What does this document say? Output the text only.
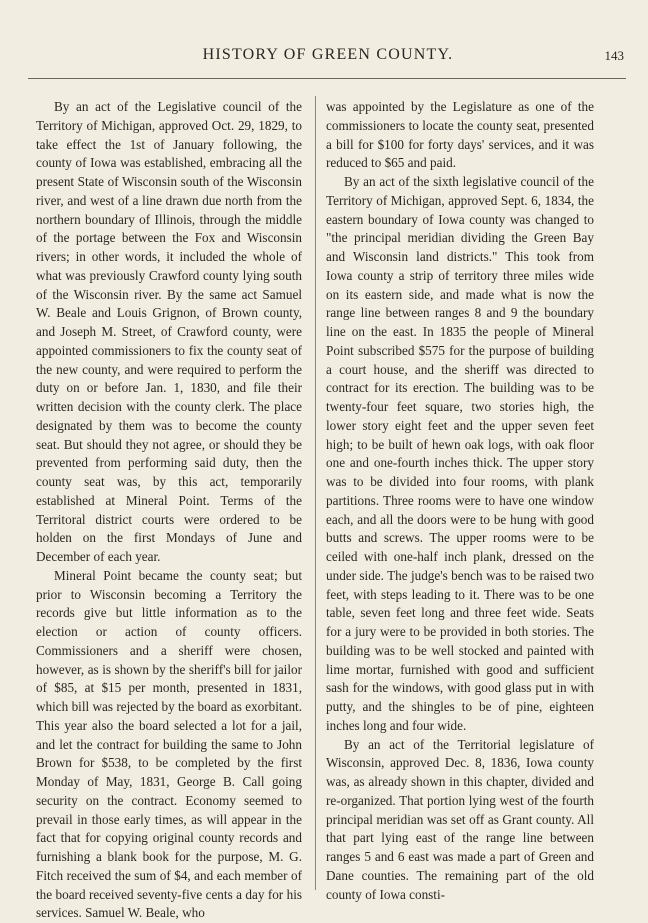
HISTORY OF GREEN COUNTY.	143

By an act of the Legislative council of the Territory of Michigan, approved Oct. 29, 1829, to take effect the 1st of January following, the county of Iowa was established, embracing all the present State of Wisconsin south of the Wisconsin river, and west of a line drawn due north from the northern boundary of Illinois, through the middle of the portage between the Fox and Wisconsin rivers; in other words, it included the whole of what was previously Crawford county lying south of the Wisconsin river. By the same act Samuel W. Beale and Louis Grignon, of Brown county, and Joseph M. Street, of Crawford county, were appointed commissioners to fix the county seat of the new county, and were required to perform the duty on or before Jan. 1, 1830, and file their written decision with the county clerk. The place designated by them was to become the county seat. But should they not agree, or should they be prevented from performing said duty, then the county seat was, by this act, temporarily established at Mineral Point. Terms of the Territoral district courts were ordered to be holden on the first Mondays of June and December of each year.

Mineral Point became the county seat; but prior to Wisconsin becoming a Territory the records give but little information as to the election or action of county officers. Commissioners and a sheriff were chosen, however, as is shown by the sheriff's bill for jailor of $85, at $15 per month, presented in 1831, which bill was rejected by the board as exorbitant. This year also the board selected a lot for a jail, and let the contract for building the same to John Brown for $538, to be completed by the first Monday of May, 1831, George B. Call going security on the contract. Economy seemed to prevail in those early times, as will appear in the fact that for copying original county records and furnishing a blank book for the purpose, M. G. Fitch received the sum of $4, and each member of the board received seventy-five cents a day for his services. Samuel W. Beale, who

was appointed by the Legislature as one of the commissioners to locate the county seat, presented a bill for $100 for forty days' services, and it was reduced to $65 and paid.

By an act of the sixth legislative council of the Territory of Michigan, approved Sept. 6, 1834, the eastern boundary of Iowa county was changed to "the principal meridian dividing the Green Bay and Wisconsin land districts." This took from Iowa county a strip of territory three miles wide on its eastern side, and made what is now the range line between ranges 8 and 9 the boundary line on the east. In 1835 the people of Mineral Point subscribed $575 for the purpose of building a court house, and the sheriff was directed to contract for its erection. The building was to be twenty-four feet square, two stories high, the lower story eight feet and the upper seven feet high; to be built of hewn oak logs, with oak floor one and one-fourth inches thick. The upper story was to be divided into four rooms, with plank partitions. Three rooms were to have one window each, and all the doors were to be hung with good butts and screws. The upper rooms were to be ceiled with one-half inch plank, dressed on the under side. The judge's bench was to be raised two feet, with steps leading to it. There was to be one table, seven feet long and three feet wide. Seats for a jury were to be provided in both stories. The building was to be well stocked and painted with lime mortar, furnished with good and sufficient sash for the windows, with good glass put in with putty, and the shingles to be of pine, eighteen inches long and four wide.

By an act of the Territorial legislature of Wisconsin, approved Dec. 8, 1836, Iowa county was, as already shown in this chapter, divided and re-organized. That portion lying west of the fourth principal meridian was set off as Grant county. All that part lying east of the range line between ranges 5 and 6 east was made a part of Green and Dane counties. The remaining part of the old county of Iowa consti-
